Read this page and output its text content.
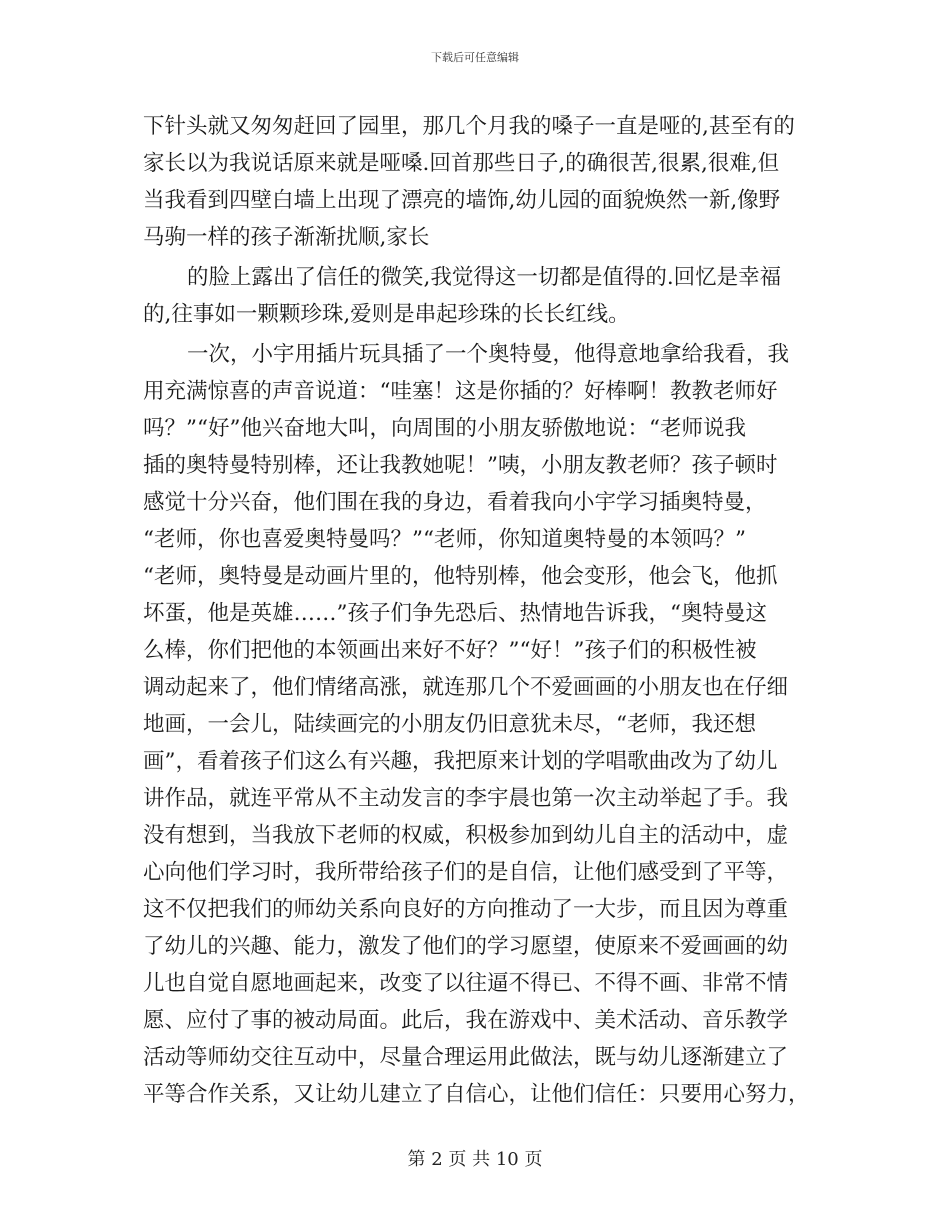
下载后可任意编辑
下针头就又匆匆赶回了园里，那几个月我的嗓子一直是哑的,甚至有的
家长以为我说话原来就是哑嗓.回首那些日子,的确很苦,很累,很难,但
当我看到四壁白墙上出现了漂亮的墙饰,幼儿园的面貌焕然一新,像野
马驹一样的孩子渐渐扰顺,家长
的脸上露出了信任的微笑,我觉得这一切都是值得的.回忆是幸福
的,往事如一颗颗珍珠,爱则是串起珍珠的长长红线。
一次，小宇用插片玩具插了一个奥特曼，他得意地拿给我看，我
用充满惊喜的声音说道：“哇塞！这是你插的？好棒啊！教教老师好
吗？”“好”他兴奋地大叫，向周围的小朋友骄傲地说：“老师说我
插的奥特曼特别棒，还让我教她呢！”咦，小朋友教老师？孩子顿时
感觉十分兴奋，他们围在我的身边，看着我向小宇学习插奥特曼，
“老师，你也喜爱奥特曼吗？”“老师，你知道奥特曼的本领吗？”
“老师，奥特曼是动画片里的，他特别棒，他会变形，他会飞，他抓
坏蛋，他是英雄……”孩子们争先恐后、热情地告诉我，“奥特曼这
么棒，你们把他的本领画出来好不好？”“好！”孩子们的积极性被
调动起来了，他们情绪高涨，就连那几个不爱画画的小朋友也在仔细
地画，一会儿，陆续画完的小朋友仍旧意犹未尽，“老师，我还想
画”，看着孩子们这么有兴趣，我把原来计划的学唱歌曲改为了幼儿
讲作品，就连平常从不主动发言的李宇晨也第一次主动举起了手。我
没有想到，当我放下老师的权威，积极参加到幼儿自主的活动中，虚
心向他们学习时，我所带给孩子们的是自信，让他们感受到了平等，
这不仅把我们的师幼关系向良好的方向推动了一大步，而且因为尊重
了幼儿的兴趣、能力，激发了他们的学习愿望，使原来不爱画画的幼
儿也自觉自愿地画起来，改变了以往逼不得已、不得不画、非常不情
愿、应付了事的被动局面。此后，我在游戏中、美术活动、音乐教学
活动等师幼交往互动中，尽量合理运用此做法，既与幼儿逐渐建立了
平等合作关系，又让幼儿建立了自信心，让他们信任：只要用心努力，
第 2 页 共 10 页
